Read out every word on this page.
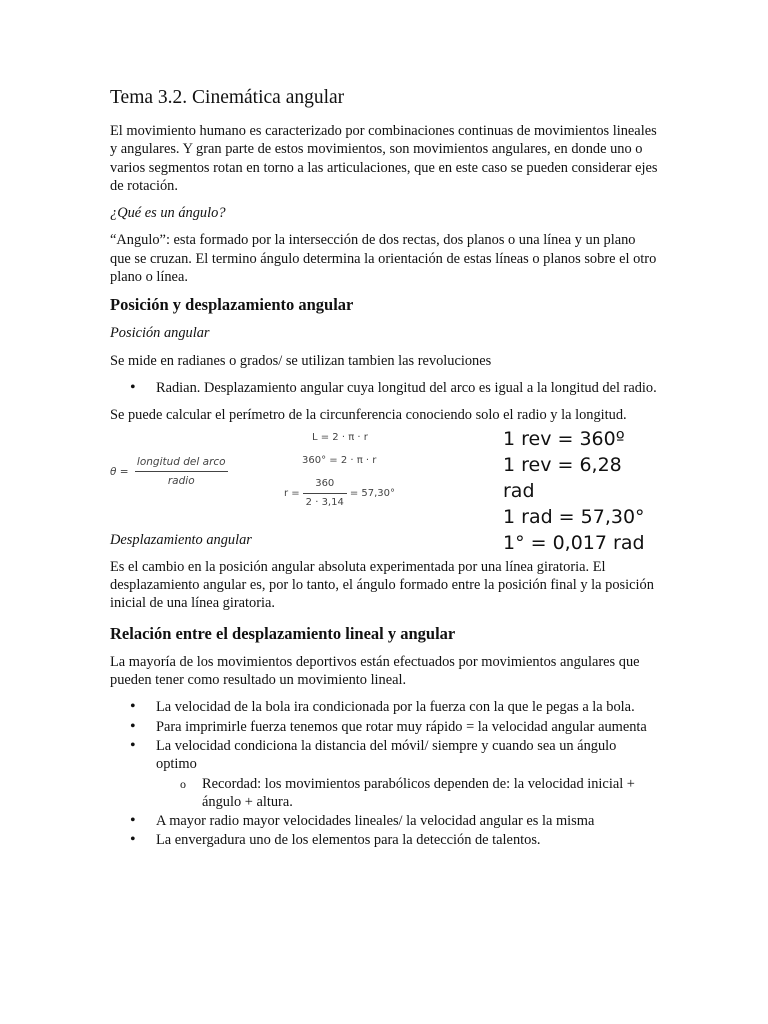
Tema 3.2. Cinemática angular

El movimiento humano es caracterizado por combinaciones continuas de movimientos lineales y angulares. Y gran parte de estos movimientos, son movimientos angulares, en donde uno o varios segmentos rotan en torno a las articulaciones, que en este caso se pueden considerar ejes de rotación.

¿Qué es un ángulo?

“Angulo”: esta formado por la intersección de dos rectas, dos planos o una línea y un plano que se cruzan. El termino ángulo determina la orientación de estas líneas o planos sobre el otro plano o línea.

Posición y desplazamiento angular

Posición angular

Se mide en radianes o grados/ se utilizan tambien las revoluciones

• Radian. Desplazamiento angular cuya longitud del arco es igual a la longitud del radio.

Se puede calcular el perímetro de la circunferencia conociendo solo el radio y la longitud.

$\theta = \frac{\text{longitud del arco}}{\text{radio}}$
L = 2 · π · r
360° = 2 · π · r
$r = \frac{360}{2 \cdot 3,14} = 57,30^\circ$
1 rev = 360º
1 rev = 6,28 rad
1 rad = 57,30°
1° = 0,017 rad

Desplazamiento angular

Es el cambio en la posición angular absoluta experimentada por una línea giratoria. El desplazamiento angular es, por lo tanto, el ángulo formado entre la posición final y la posición inicial de una línea giratoria.

Relación entre el desplazamiento lineal y angular

La mayoría de los movimientos deportivos están efectuados por movimientos angulares que pueden tener como resultado un movimiento lineal.

• La velocidad de la bola ira condicionada por la fuerza con la que le pegas a la bola.
• Para imprimirle fuerza tenemos que rotar muy rápido = la velocidad angular aumenta
• La velocidad condiciona la distancia del móvil/ siempre y cuando sea un ángulo optimo
o Recordad: los movimientos parabólicos dependen de: la velocidad inicial + ángulo + altura.
• A mayor radio mayor velocidades lineales/ la velocidad angular es la misma
• La envergadura uno de los elementos para la detección de talentos.
